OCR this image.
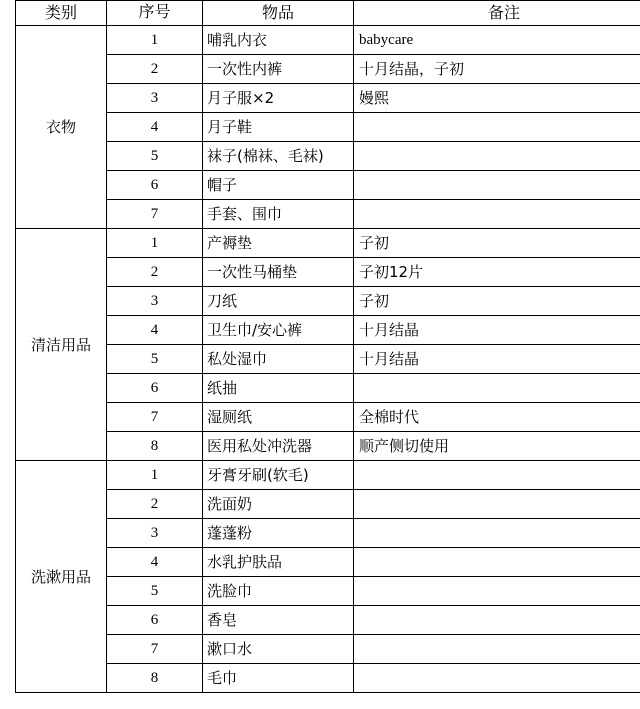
类别	序号	物品	备注
衣物	1	哺乳内衣	babycare
	2	一次性内裤	十月结晶，子初
	3	月子服×2	嫚熙
	4	月子鞋	
	5	袜子(棉袜、毛袜)	
	6	帽子	
	7	手套、围巾	
清洁用品	1	产褥垫	子初
	2	一次性马桶垫	子初12片
	3	刀纸	子初
	4	卫生巾/安心裤	十月结晶
	5	私处湿巾	十月结晶
	6	纸抽	
	7	湿厕纸	全棉时代
	8	医用私处冲洗器	顺产侧切使用
洗漱用品	1	牙膏牙刷(软毛)	
	2	洗面奶	
	3	蓬蓬粉	
	4	水乳护肤品	
	5	洗脸巾	
	6	香皂	
	7	漱口水	
	8	毛巾	
